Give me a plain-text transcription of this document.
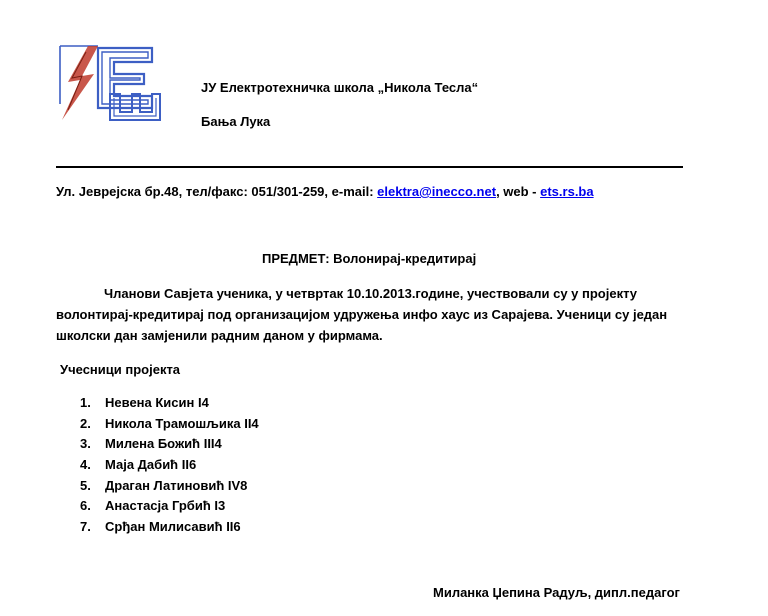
ЈУ Електротехничка школа „Никола Тесла“
Бања Лука
Ул. Јеврејска бр.48, тел/факс: 051/301-259, e-mail: elektra@inecco.net, web - ets.rs.ba
ПРЕДМЕТ: Волонирај-кредитирај

Чланови Савјета ученика, у четвртак 10.10.2013.године, учествовали су у пројекту волонтирај-кредитирај под организацијом удружења инфо хаус из Сарајева. Ученици су један школски дан замјенили радним даном у фирмама.

Учесници пројекта
1. Невена Кисин I4
2. Никола Трамошљика II4
3. Милена Божић III4
4. Маја Дабић II6
5. Драган Латиновић IV8
6. Анастасја Грбић I3
7. Срђан Милисавић II6
Миланка Џепина Радуљ, дипл.педагог
